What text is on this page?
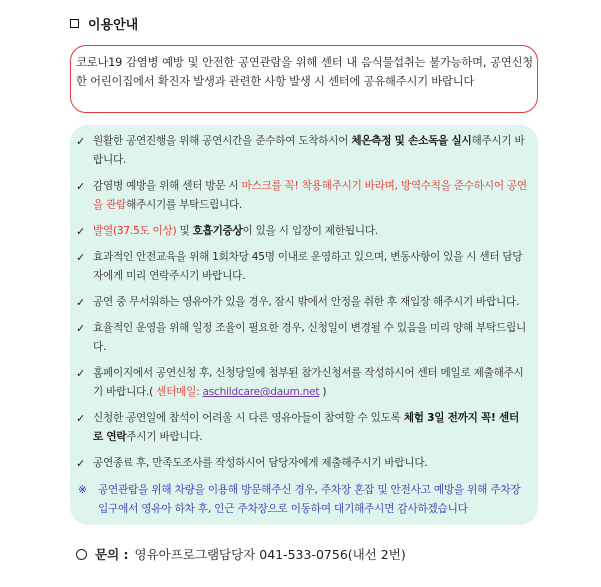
이용안내
코로나19 감염병 예방 및 안전한 공연관람을 위해 센터 내 음식물섭취는 불가능하며, 공연신청 한 어린이집에서 확진자 발생과 관련한 사항 발생 시 센터에 공유해주시기 바랍니다
✓ 원활한 공연진행을 위해 공연시간을 준수하여 도착하시어 체온측정 및 손소독을 실시해주시기 바랍니다.
✓ 감염병 예방을 위해 센터 방문 시 마스크를 꼭! 착용해주시기 바라며, 방역수칙을 준수하시어 공연을 관람해주시기를 부탁드립니다.
✓ 발열(37.5도 이상) 및 호흡기증상이 있을 시 입장이 제한됩니다.
✓ 효과적인 안전교육을 위해 1회차당 45명 이내로 운영하고 있으며, 변동사항이 있을 시 센터 담당자에게 미리 연락주시기 바랍니다.
✓ 공연 중 무서워하는 영유아가 있을 경우, 잠시 밖에서 안정을 취한 후 재입장 해주시기 바랍니다.
✓ 효율적인 운영을 위해 일정 조율이 필요한 경우, 신청일이 변경될 수 있음을 미리 양해 부탁드립니다.
✓ 홈페이지에서 공연신청 후, 신청당일에 첨부된 참가신청서를 작성하시어 센터 메일로 제출해주시기 바랍니다.( 센터메일: aschildcare@daum.net )
✓ 신청한 공연일에 참석이 어려울 시 다른 영유아들이 참여할 수 있도록 체험 3일 전까지 꼭! 센터로 연락주시기 바랍니다.
✓ 공연종료 후, 만족도조사를 작성하시어 담당자에게 제출해주시기 바랍니다.
※	공연관람을 위해 차량을 이용해 방문해주신 경우, 주차장 혼잡 및 안전사고 예방을 위해 주차장 입구에서 영유아 하차 후, 인근 주차장으로 이동하여 대기해주시면 감사하겠습니다
문의 : 영유아프로그램담당자 041-533-0756(내선 2번)
